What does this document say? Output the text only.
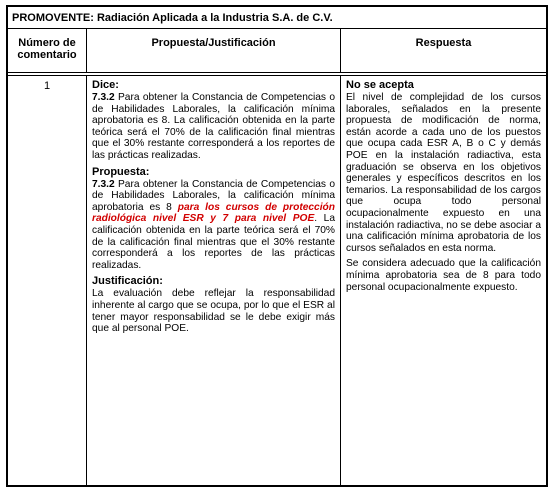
PROMOVENTE: Radiación Aplicada a la Industria S.A. de C.V.
Número de comentario
Propuesta/Justificación	Respuesta
1	Dice:

7.3.2 Para obtener la Constancia de Competencias o de Habilidades Laborales, la calificación mínima aprobatoria es 8. La calificación obtenida en la parte teórica será el 70% de la calificación final mientras que el 30% restante corresponderá a los reportes de las prácticas realizadas.

Propuesta:

7.3.2 Para obtener la Constancia de Competencias o de Habilidades Laborales, la calificación mínima aprobatoria es 8 para los cursos de protección radiológica nivel ESR y 7 para nivel POE. La calificación obtenida en la parte teórica será el 70% de la calificación final mientras que el 30% restante corresponderá a los reportes de las prácticas realizadas.

Justificación:

La evaluación debe reflejar la responsabilidad inherente al cargo que se ocupa, por lo que el ESR al tener mayor responsabilidad se le debe exigir más que al personal POE.

No se acepta

El nivel de complejidad de los cursos laborales, señalados en la presente propuesta de modificación de norma, están acorde a cada uno de los puestos que ocupa cada ESR A, B o C y demás POE en la instalación radiactiva, esta graduación se observa en los objetivos generales y específicos descritos en los temarios. La responsabilidad de los cargos que ocupa todo personal ocupacionalmente expuesto en una instalación radiactiva, no se debe asociar a una calificación mínima aprobatoria de los cursos señalados en esta norma.

Se considera adecuado que la calificación mínima aprobatoria sea de 8 para todo personal ocupacionalmente expuesto.
